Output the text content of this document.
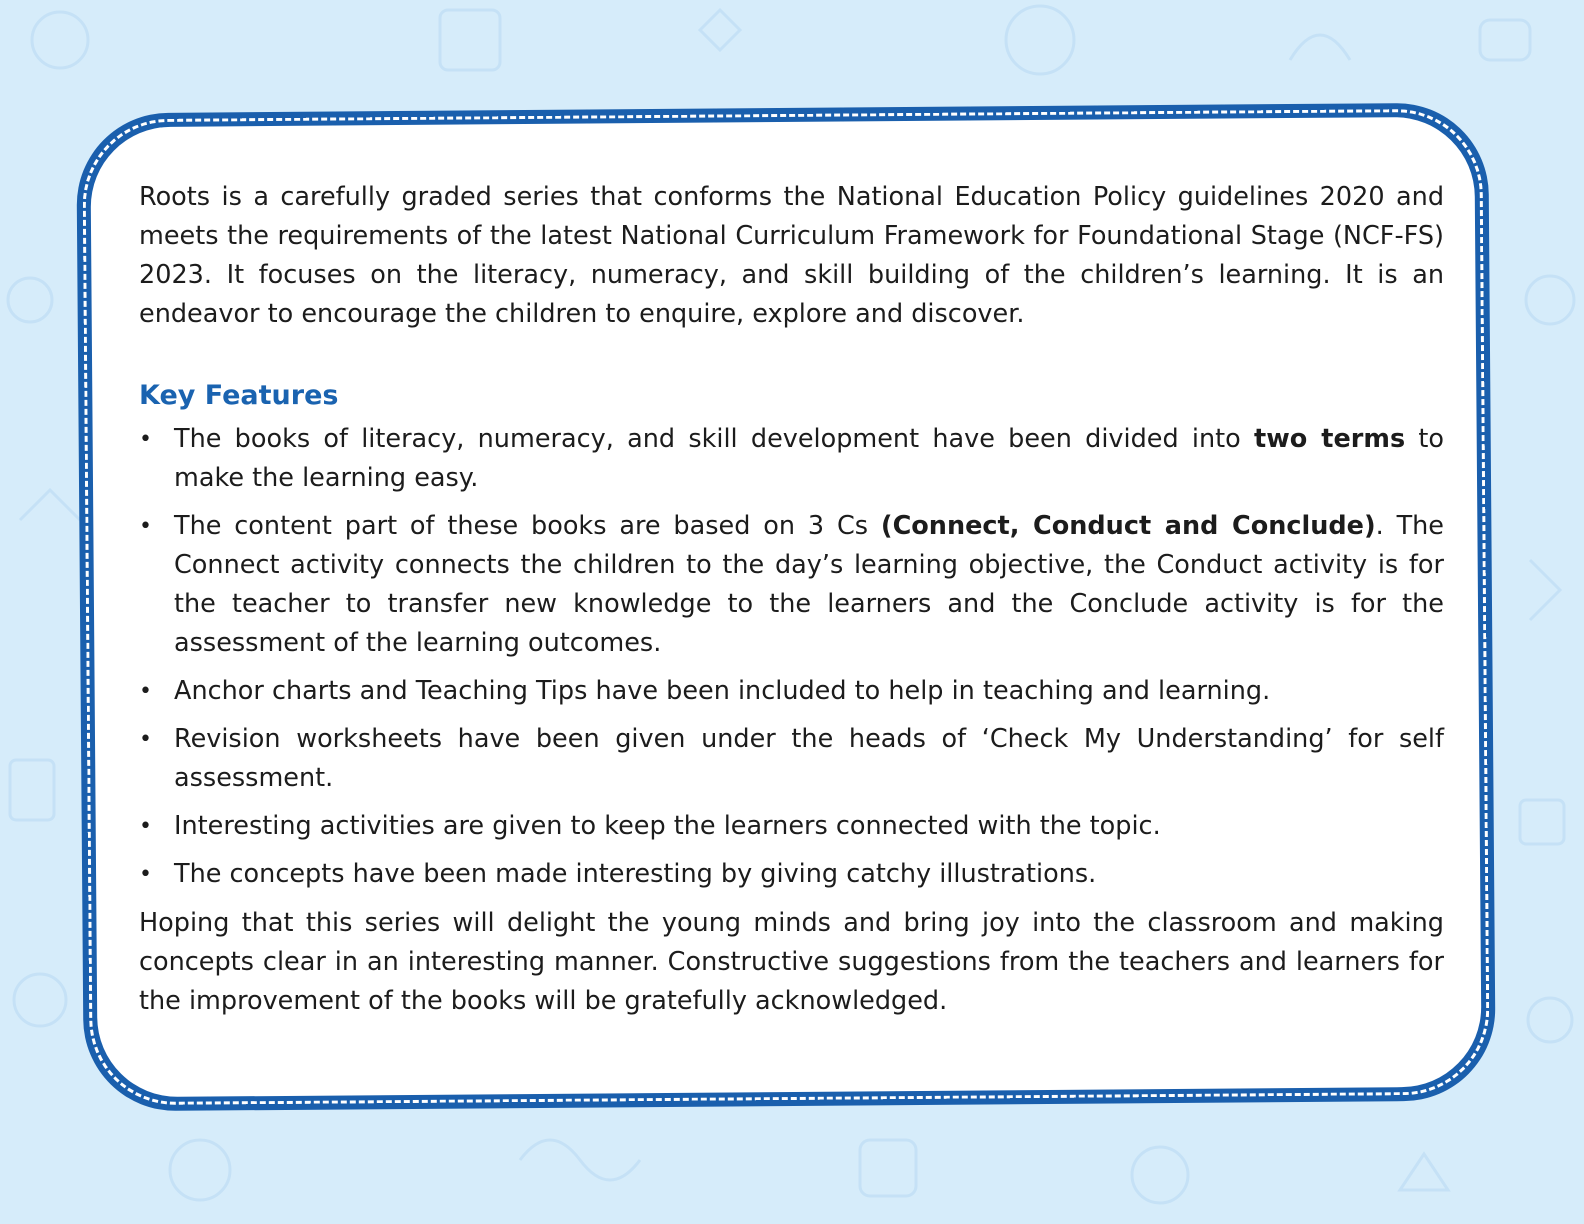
Roots is a carefully graded series that conforms the National Education Policy guidelines 2020 and meets the requirements of the latest National Curriculum Framework for Foundational Stage (NCF-FS) 2023. It focuses on the literacy, numeracy, and skill building of the children’s learning. It is an endeavor to encourage the children to enquire, explore and discover.

Key Features
• The books of literacy, numeracy, and skill development have been divided into two terms to make the learning easy.
• The content part of these books are based on 3 Cs (Connect, Conduct and Conclude). The Connect activity connects the children to the day’s learning objective, the Conduct activity is for the teacher to transfer new knowledge to the learners and the Conclude activity is for the assessment of the learning outcomes.
• Anchor charts and Teaching Tips have been included to help in teaching and learning.
• Revision worksheets have been given under the heads of ‘Check My Understanding’ for self assessment.
• Interesting activities are given to keep the learners connected with the topic.
• The concepts have been made interesting by giving catchy illustrations.

Hoping that this series will delight the young minds and bring joy into the classroom and making concepts clear in an interesting manner. Constructive suggestions from the teachers and learners for the improvement of the books will be gratefully acknowledged.
